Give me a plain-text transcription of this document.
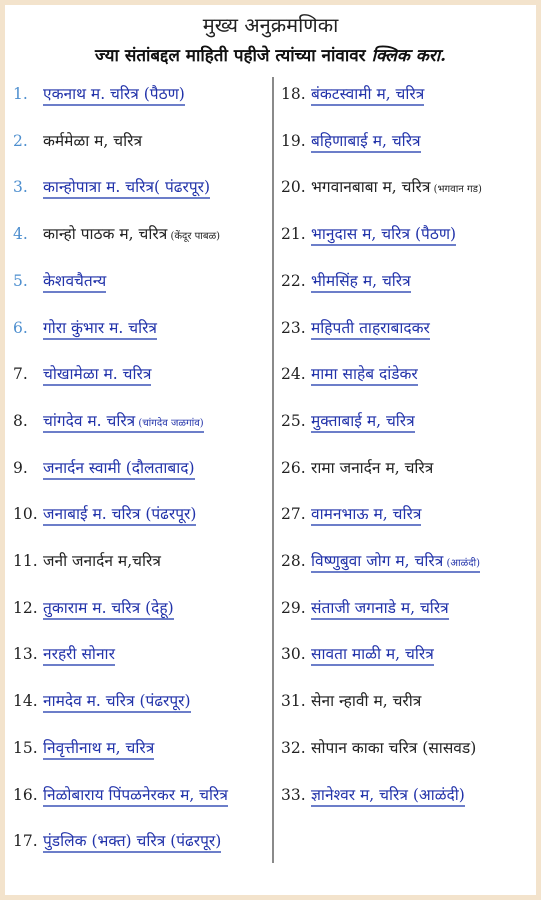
मुख्य अनुक्रमणिका
ज्या संतांबद्दल माहिती पहीजे त्यांच्या नांवावर क्लिक करा.
1. एकनाथ म. चरित्र (पैठण)
2. कर्ममेळा म, चरित्र
3. कान्होपात्रा म. चरित्र( पंढरपूर)
4. कान्हो पाठक म, चरित्र (केंदूर पाबळ)
5. केशवचैतन्य
6. गोरा कुंभार म. चरित्र
7. चोखामेळा म. चरित्र
8. चांगदेव म. चरित्र (चांगदेव जळगांव)
9. जनार्दन स्वामी (दौलताबाद)
10. जनाबाई म. चरित्र (पंढरपूर)
11. जनी जनार्दन म,चरित्र
12. तुकाराम म. चरित्र (देहू)
13. नरहरी सोनार
14. नामदेव म. चरित्र (पंढरपूर)
15. निवृत्तीनाथ म, चरित्र
16. निळोबाराय पिंपळनेरकर म, चरित्र
17. पुंडलिक (भक्त) चरित्र (पंढरपूर)
18. बंकटस्वामी म, चरित्र
19. बहिणाबाई म, चरित्र
20. भगवानबाबा म, चरित्र (भगवान गड)
21. भानुदास म, चरित्र (पैठण)
22. भीमसिंह म, चरित्र
23. महिपती ताहराबादकर
24. मामा साहेब दांडेकर
25. मुक्ताबाई म, चरित्र
26. रामा जनार्दन म, चरित्र
27. वामनभाऊ म, चरित्र
28. विष्णुबुवा जोग म, चरित्र (आळंदी)
29. संताजी जगनाडे म, चरित्र
30. सावता माळी म, चरित्र
31. सेना न्हावी म, चरीत्र
32. सोपान काका चरित्र (सासवड)
33. ज्ञानेश्वर म, चरित्र (आळंदी)
